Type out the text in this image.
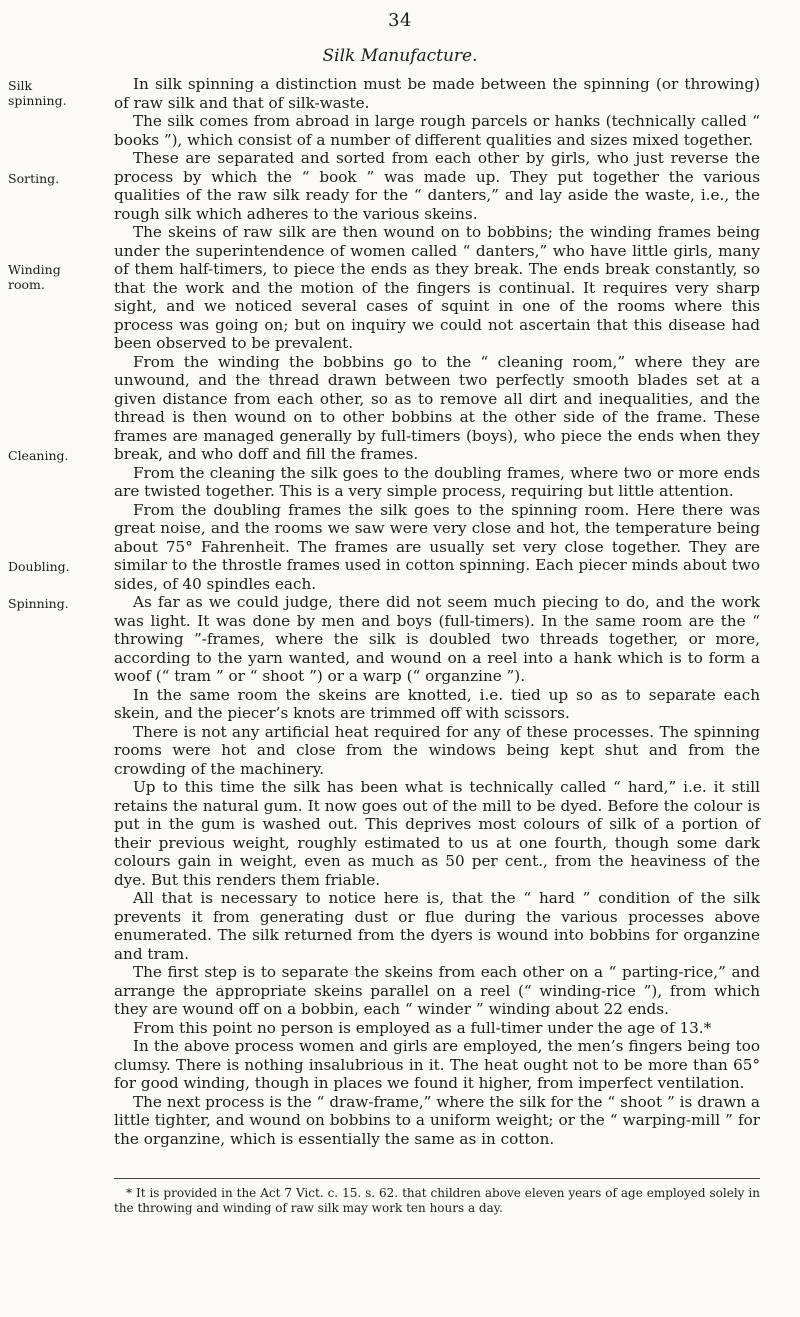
34
Silk Manufacture.
Silk spinning.
Sorting.
Winding room.
Cleaning.
Doubling.
Spinning.

In silk spinning a distinction must be made between the spinning (or throwing) of raw silk and that of silk-waste.

The silk comes from abroad in large rough parcels or hanks (technically called “ books ”), which consist of a number of different qualities and sizes mixed together.

These are separated and sorted from each other by girls, who just reverse the process by which the “ book ” was made up. They put together the various qualities of the raw silk ready for the “ danters,” and lay aside the waste, i.e., the rough silk which adheres to the various skeins.

The skeins of raw silk are then wound on to bobbins; the winding frames being under the superintendence of women called “ danters,” who have little girls, many of them half-timers, to piece the ends as they break. The ends break constantly, so that the work and the motion of the fingers is continual. It requires very sharp sight, and we noticed several cases of squint in one of the rooms where this process was going on; but on inquiry we could not ascertain that this disease had been observed to be prevalent.

From the winding the bobbins go to the “ cleaning room,” where they are unwound, and the thread drawn between two perfectly smooth blades set at a given distance from each other, so as to remove all dirt and inequalities, and the thread is then wound on to other bobbins at the other side of the frame. These frames are managed generally by full-timers (boys), who piece the ends when they break, and who doff and fill the frames.

From the cleaning the silk goes to the doubling frames, where two or more ends are twisted together. This is a very simple process, requiring but little attention.

From the doubling frames the silk goes to the spinning room. Here there was great noise, and the rooms we saw were very close and hot, the temperature being about 75° Fahrenheit. The frames are usually set very close together. They are similar to the throstle frames used in cotton spinning. Each piecer minds about two sides, of 40 spindles each.

As far as we could judge, there did not seem much piecing to do, and the work was light. It was done by men and boys (full-timers). In the same room are the “ throwing ”-frames, where the silk is doubled two threads together, or more, according to the yarn wanted, and wound on a reel into a hank which is to form a woof (“ tram ” or “ shoot ”) or a warp (“ organzine ”).

In the same room the skeins are knotted, i.e. tied up so as to separate each skein, and the piecer’s knots are trimmed off with scissors.

There is not any artificial heat required for any of these processes. The spinning rooms were hot and close from the windows being kept shut and from the crowding of the machinery.

Up to this time the silk has been what is technically called “ hard,” i.e. it still retains the natural gum. It now goes out of the mill to be dyed. Before the colour is put in the gum is washed out. This deprives most colours of silk of a portion of their previous weight, roughly estimated to us at one fourth, though some dark colours gain in weight, even as much as 50 per cent., from the heaviness of the dye. But this renders them friable.

All that is necessary to notice here is, that the “ hard ” condition of the silk prevents it from generating dust or flue during the various processes above enumerated. The silk returned from the dyers is wound into bobbins for organzine and tram.

The first step is to separate the skeins from each other on a “ parting-rice,” and arrange the appropriate skeins parallel on a reel (“ winding-rice ”), from which they are wound off on a bobbin, each “ winder ” winding about 22 ends.

From this point no person is employed as a full-timer under the age of 13.*

In the above process women and girls are employed, the men’s fingers being too clumsy. There is nothing insalubrious in it. The heat ought not to be more than 65° for good winding, though in places we found it higher, from imperfect ventilation.

The next process is the “ draw-frame,” where the silk for the “ shoot ” is drawn a little tighter, and wound on bobbins to a uniform weight; or the “ warping-mill ” for the organzine, which is essentially the same as in cotton.

* It is provided in the Act 7 Vict. c. 15. s. 62. that children above eleven years of age employed solely in the throwing and winding of raw silk may work ten hours a day.
